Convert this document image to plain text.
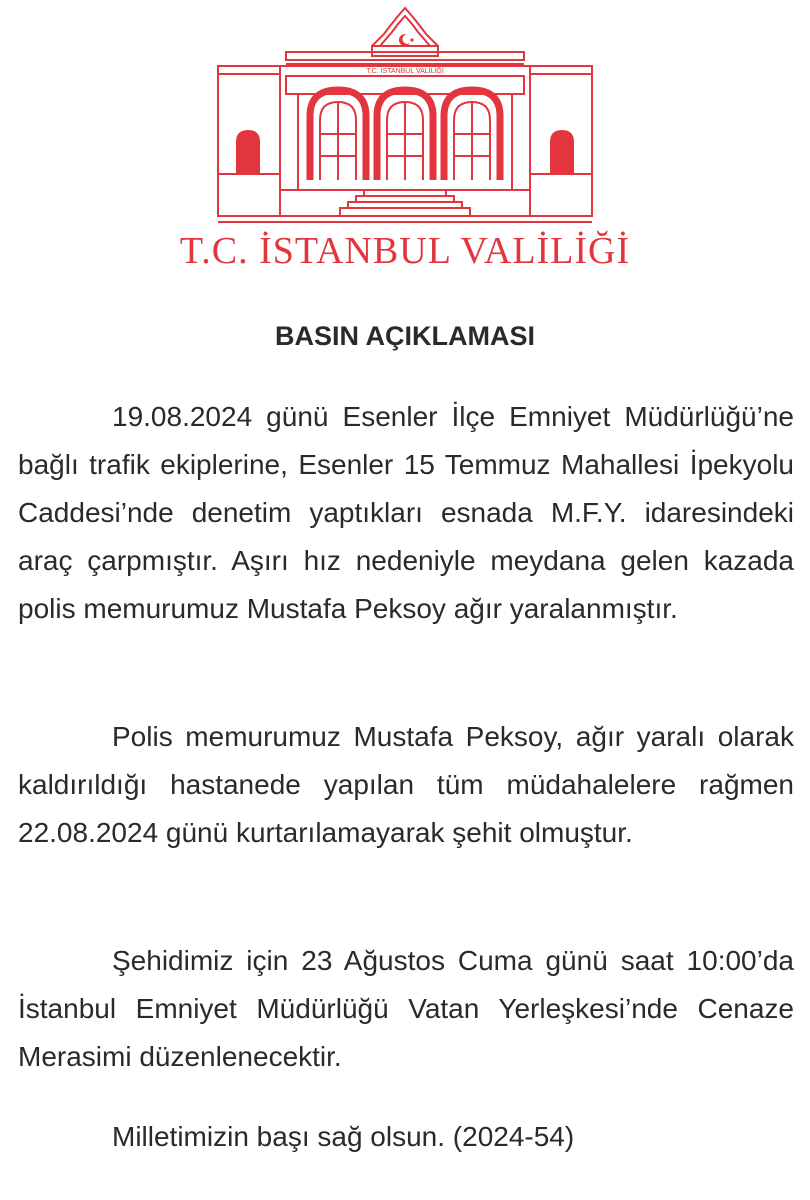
T.C. İSTANBUL VALİLİĞİ
T.C. İSTANBUL VALİLİĞİ
BASIN AÇIKLAMASI

19.08.2024 günü Esenler İlçe Emniyet Müdürlüğü’ne bağlı trafik ekiplerine, Esenler 15 Temmuz Mahallesi İpekyolu Caddesi’nde denetim yaptıkları esnada M.F.Y. idaresindeki araç çarpmıştır. Aşırı hız nedeniyle meydana gelen kazada polis memurumuz Mustafa Peksoy ağır yaralanmıştır.

Polis memurumuz Mustafa Peksoy, ağır yaralı olarak kaldırıldığı hastanede yapılan tüm müdahalelere rağmen 22.08.2024 günü kurtarılamayarak şehit olmuştur.

Şehidimiz için 23 Ağustos Cuma günü saat 10:00’da İstanbul Emniyet Müdürlüğü Vatan Yerleşkesi’nde Cenaze Merasimi düzenlenecektir.

Milletimizin başı sağ olsun. (2024-54)
